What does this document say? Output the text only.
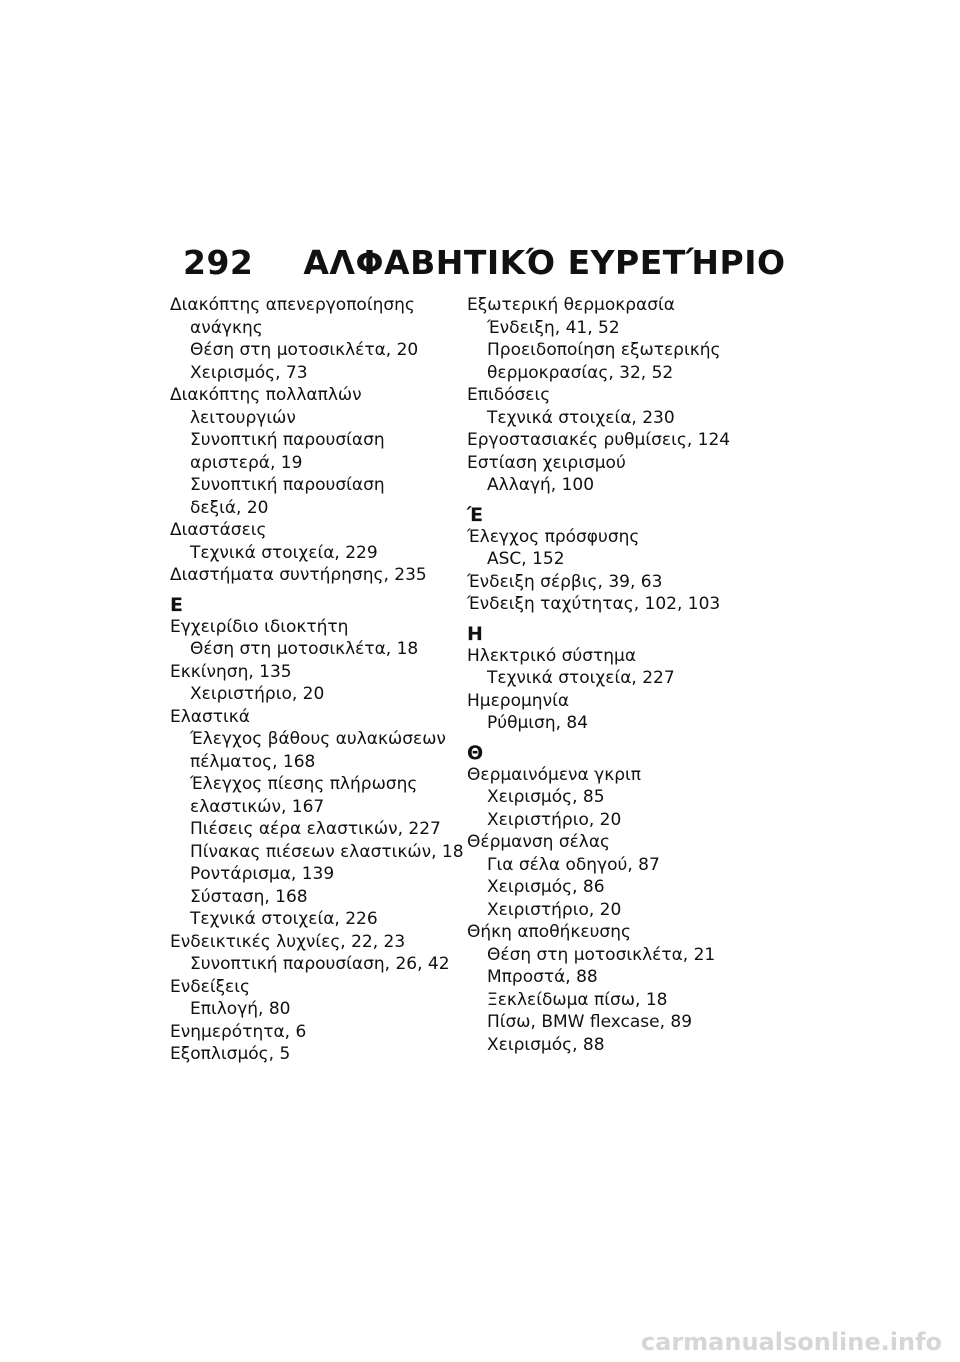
292 ΑΛΦΑΒΗΤΙΚΌ ΕΥΡΕΤΉΡΙΟ
Διακόπτης απενεργοποίησης
ανάγκης
Θέση στη μοτοσικλέτα, 20
Χειρισμός, 73
Διακόπτης πολλαπλών
λειτουργιών
Συνοπτική παρουσίαση
αριστερά, 19
Συνοπτική παρουσίαση
δεξιά, 20
Διαστάσεις
Τεχνικά στοιχεία, 229
Διαστήματα συντήρησης, 235
Ε
Εγχειρίδιο ιδιοκτήτη
Θέση στη μοτοσικλέτα, 18
Εκκίνηση, 135
Χειριστήριο, 20
Ελαστικά
Έλεγχος βάθους αυλακώσεων
πέλματος, 168
Έλεγχος πίεσης πλήρωσης
ελαστικών, 167
Πιέσεις αέρα ελαστικών, 227
Πίνακας πιέσεων ελαστικών, 18
Ροντάρισμα, 139
Σύσταση, 168
Τεχνικά στοιχεία, 226
Ενδεικτικές λυχνίες, 22, 23
Συνοπτική παρουσίαση, 26, 42
Ενδείξεις
Επιλογή, 80
Ενημερότητα, 6
Εξοπλισμός, 5
Εξωτερική θερμοκρασία
Ένδειξη, 41, 52
Προειδοποίηση εξωτερικής
θερμοκρασίας, 32, 52
Επιδόσεις
Τεχνικά στοιχεία, 230
Εργοστασιακές ρυθμίσεις, 124
Εστίαση χειρισμού
Αλλαγή, 100
Έ
Έλεγχος πρόσφυσης
ASC, 152
Ένδειξη σέρβις, 39, 63
Ένδειξη ταχύτητας, 102, 103
Η
Ηλεκτρικό σύστημα
Τεχνικά στοιχεία, 227
Ημερομηνία
Ρύθμιση, 84
Θ
Θερμαινόμενα γκριπ
Χειρισμός, 85
Χειριστήριο, 20
Θέρμανση σέλας
Για σέλα οδηγού, 87
Χειρισμός, 86
Χειριστήριο, 20
Θήκη αποθήκευσης
Θέση στη μοτοσικλέτα, 21
Μπροστά, 88
Ξεκλείδωμα πίσω, 18
Πίσω, BMW flexcase, 89
Χειρισμός, 88
carmanualsonline.info
